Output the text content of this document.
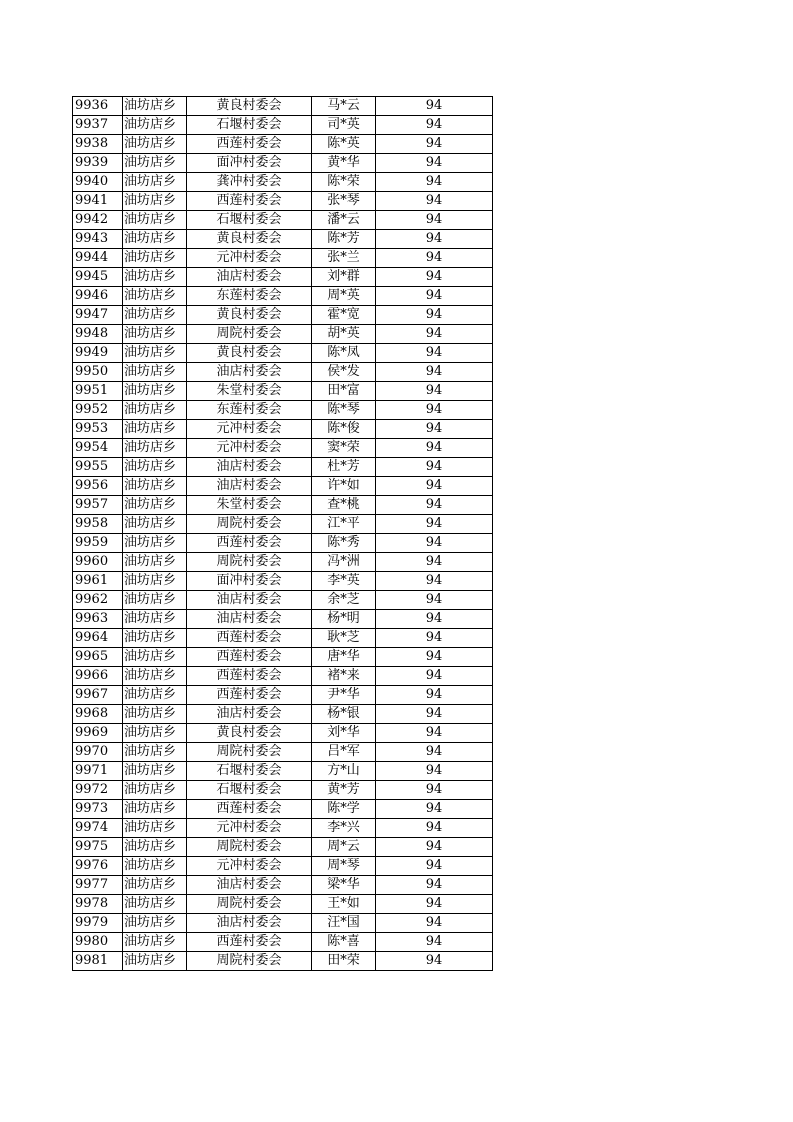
9936	油坊店乡	黄良村委会	马*云	94
9937	油坊店乡	石堰村委会	司*英	94
9938	油坊店乡	西莲村委会	陈*英	94
9939	油坊店乡	面冲村委会	黄*华	94
9940	油坊店乡	龚冲村委会	陈*荣	94
9941	油坊店乡	西莲村委会	张*琴	94
9942	油坊店乡	石堰村委会	潘*云	94
9943	油坊店乡	黄良村委会	陈*芳	94
9944	油坊店乡	元冲村委会	张*兰	94
9945	油坊店乡	油店村委会	刘*群	94
9946	油坊店乡	东莲村委会	周*英	94
9947	油坊店乡	黄良村委会	霍*宽	94
9948	油坊店乡	周院村委会	胡*英	94
9949	油坊店乡	黄良村委会	陈*凤	94
9950	油坊店乡	油店村委会	侯*发	94
9951	油坊店乡	朱堂村委会	田*富	94
9952	油坊店乡	东莲村委会	陈*琴	94
9953	油坊店乡	元冲村委会	陈*俊	94
9954	油坊店乡	元冲村委会	窦*荣	94
9955	油坊店乡	油店村委会	杜*芳	94
9956	油坊店乡	油店村委会	许*如	94
9957	油坊店乡	朱堂村委会	查*桃	94
9958	油坊店乡	周院村委会	江*平	94
9959	油坊店乡	西莲村委会	陈*秀	94
9960	油坊店乡	周院村委会	冯*洲	94
9961	油坊店乡	面冲村委会	李*英	94
9962	油坊店乡	油店村委会	余*芝	94
9963	油坊店乡	油店村委会	杨*明	94
9964	油坊店乡	西莲村委会	耿*芝	94
9965	油坊店乡	西莲村委会	唐*华	94
9966	油坊店乡	西莲村委会	褚*来	94
9967	油坊店乡	西莲村委会	尹*华	94
9968	油坊店乡	油店村委会	杨*银	94
9969	油坊店乡	黄良村委会	刘*华	94
9970	油坊店乡	周院村委会	吕*军	94
9971	油坊店乡	石堰村委会	方*山	94
9972	油坊店乡	石堰村委会	黄*芳	94
9973	油坊店乡	西莲村委会	陈*学	94
9974	油坊店乡	元冲村委会	李*兴	94
9975	油坊店乡	周院村委会	周*云	94
9976	油坊店乡	元冲村委会	周*琴	94
9977	油坊店乡	油店村委会	梁*华	94
9978	油坊店乡	周院村委会	王*如	94
9979	油坊店乡	油店村委会	汪*国	94
9980	油坊店乡	西莲村委会	陈*喜	94
9981	油坊店乡	周院村委会	田*荣	94
